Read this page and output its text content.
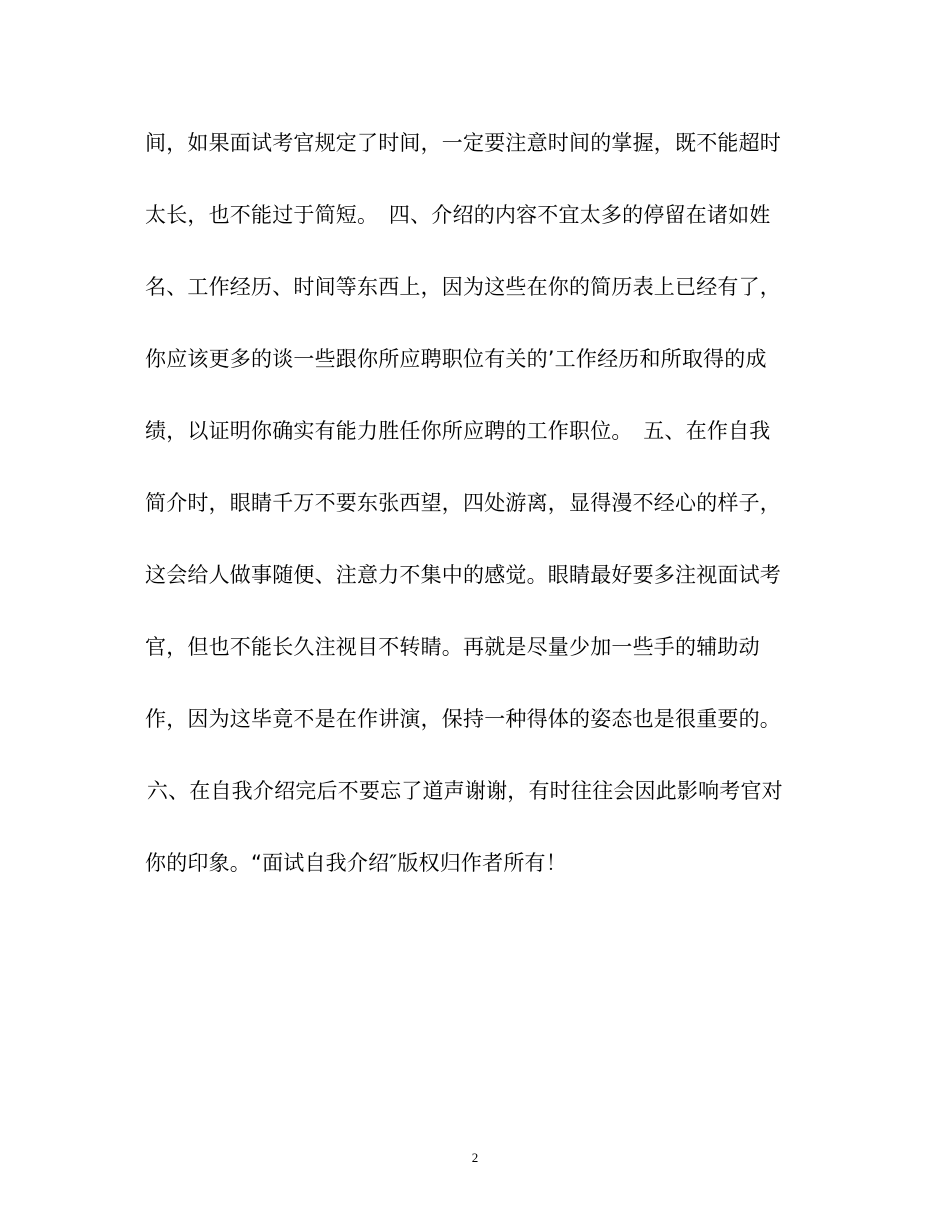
间，如果面试考官规定了时间，一定要注意时间的掌握，既不能超时
太长，也不能过于简短。　四、介绍的内容不宜太多的停留在诸如姓
名、工作经历、时间等东西上，因为这些在你的简历表上已经有了，
你应该更多的谈一些跟你所应聘职位有关的’工作经历和所取得的成
绩，以证明你确实有能力胜任你所应聘的工作职位。　五、在作自我
简介时，眼睛千万不要东张西望，四处游离，显得漫不经心的样子，
这会给人做事随便、注意力不集中的感觉。眼睛最好要多注视面试考
官，但也不能长久注视目不转睛。再就是尽量少加一些手的辅助动
作，因为这毕竟不是在作讲演，保持一种得体的姿态也是很重要的。
六、在自我介绍完后不要忘了道声谢谢，有时往往会因此影响考官对
你的印象。“面试自我介绍″版权归作者所有！
2
